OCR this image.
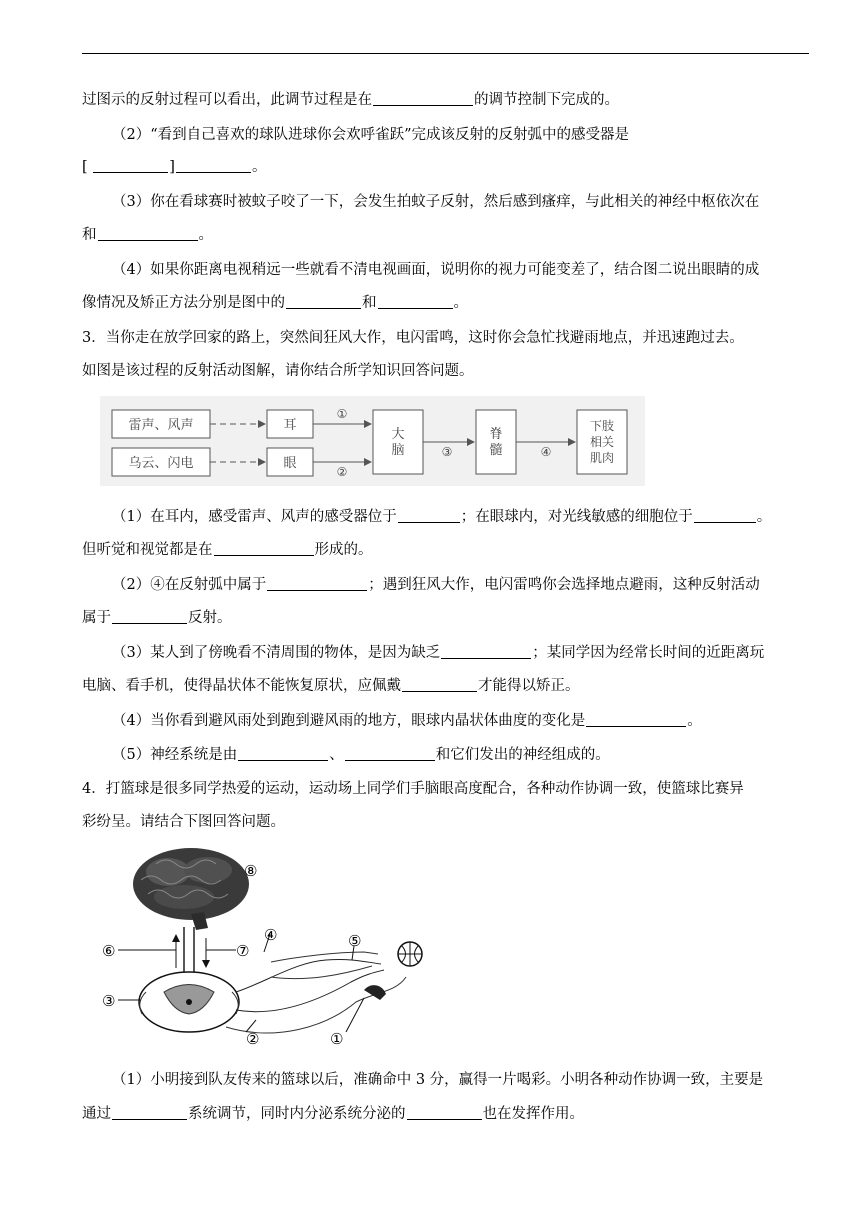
过图示的反射过程可以看出，此调节过程是在	的调节控制下完成的。
（2）“看到自己喜欢的球队进球你会欢呼雀跃”完成该反射的反射弧中的感受器是
[	]	。
（3）你在看球赛时被蚊子咬了一下，会发生拍蚊子反射，然后感到瘙痒，与此相关的神经中枢依次在
和	。
（4）如果你距离电视稍远一些就看不清电视画面，说明你的视力可能变差了，结合图二说出眼睛的成
像情况及矫正方法分别是图中的	和	。
3．当你走在放学回家的路上，突然间狂风大作，电闪雷鸣，这时你会急忙找避雨地点，并迅速跑过去。
如图是该过程的反射活动图解，请你结合所学知识回答问题。
雷声、风声
乌云、闪电
耳
眼
①
②
大
脑	③
脊
髓	④
下肢
相关
肌肉
（1）在耳内，感受雷声、风声的感受器位于	；在眼球内，对光线敏感的细胞位于	。
但听觉和视觉都是在	形成的。
（2）④在反射弧中属于	；遇到狂风大作，电闪雷鸣你会选择地点避雨，这种反射活动
属于	反射。
（3）某人到了傍晚看不清周围的物体，是因为缺乏	；某同学因为经常长时间的近距离玩
电脑、看手机，使得晶状体不能恢复原状，应佩戴	才能得以矫正。
（4）当你看到避风雨处到跑到避风雨的地方，眼球内晶状体曲度的变化是	。
（5）神经系统是由	、	和它们发出的神经组成的。
4．打篮球是很多同学热爱的运动，运动场上同学们手脑眼高度配合，各种动作协调一致，使篮球比赛异
彩纷呈。请结合下图回答问题。
⑧
⑥	⑦
④	⑤
③
②	①
（1）小明接到队友传来的篮球以后，准确命中 3 分，赢得一片喝彩。小明各种动作协调一致，主要是
通过	系统调节，同时内分泌系统分泌的	也在发挥作用。
